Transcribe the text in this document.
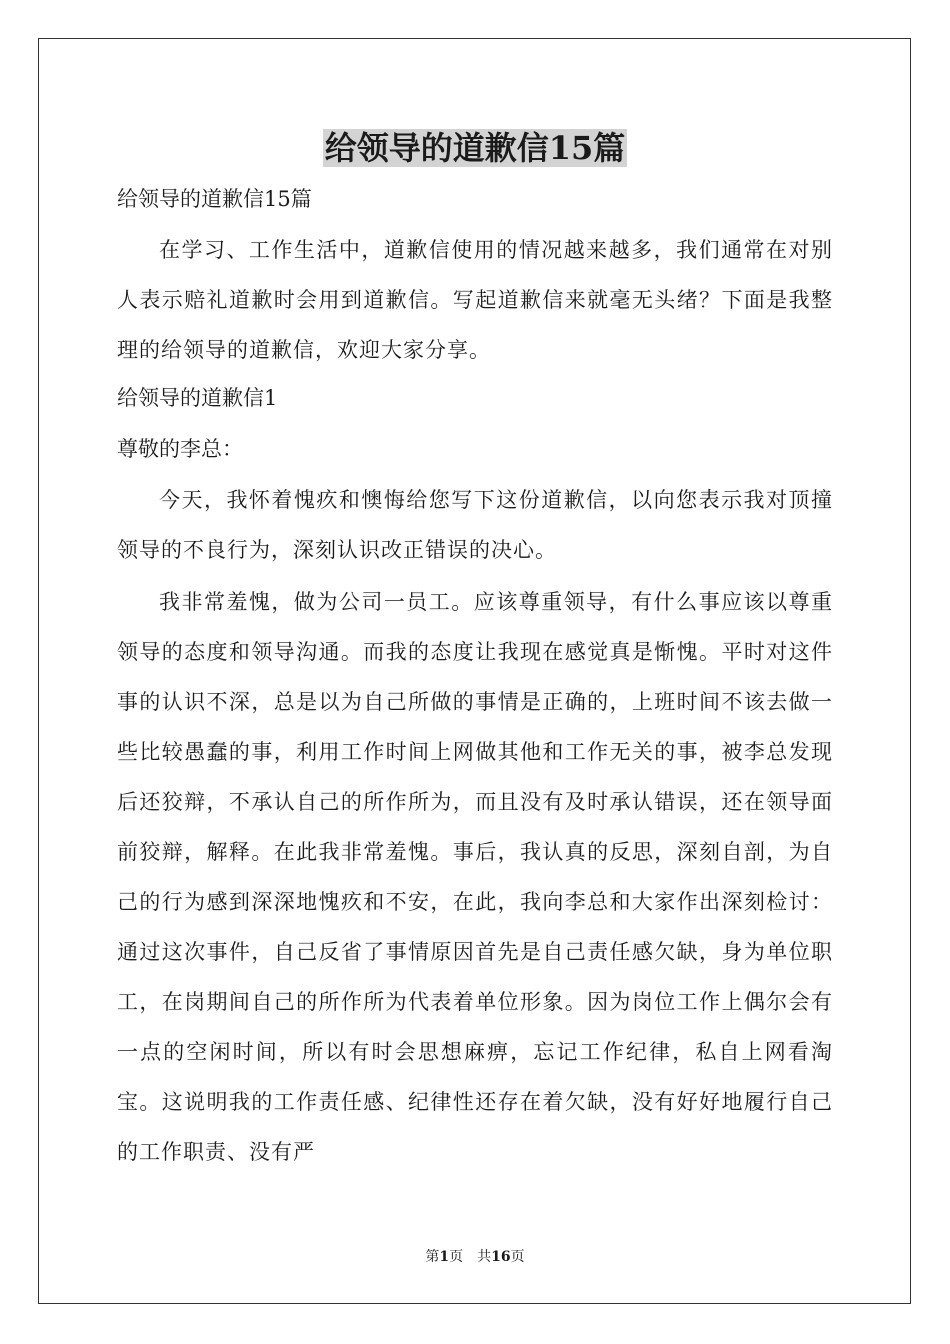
给领导的道歉信15篇

给领导的道歉信15篇

在学习、工作生活中，道歉信使用的情况越来越多，我们通常在对别人表示赔礼道歉时会用到道歉信。写起道歉信来就毫无头绪？下面是我整理的给领导的道歉信，欢迎大家分享。

给领导的道歉信1

尊敬的李总：

今天，我怀着愧疚和懊悔给您写下这份道歉信，以向您表示我对顶撞领导的不良行为，深刻认识改正错误的决心。

我非常羞愧，做为公司一员工。应该尊重领导，有什么事应该以尊重领导的态度和领导沟通。而我的态度让我现在感觉真是惭愧。平时对这件事的认识不深，总是以为自己所做的事情是正确的，上班时间不该去做一些比较愚蠢的事，利用工作时间上网做其他和工作无关的事，被李总发现后还狡辩，不承认自己的所作所为，而且没有及时承认错误，还在领导面前狡辩，解释。在此我非常羞愧。事后，我认真的反思，深刻自剖，为自己的行为感到深深地愧疚和不安，在此，我向李总和大家作出深刻检讨：通过这次事件，自己反省了事情原因首先是自己责任感欠缺，身为单位职工，在岗期间自己的所作所为代表着单位形象。因为岗位工作上偶尔会有一点的空闲时间，所以有时会思想麻痹，忘记工作纪律，私自上网看淘宝。这说明我的工作责任感、纪律性还存在着欠缺，没有好好地履行自己的工作职责、没有严

第1页　共16页
